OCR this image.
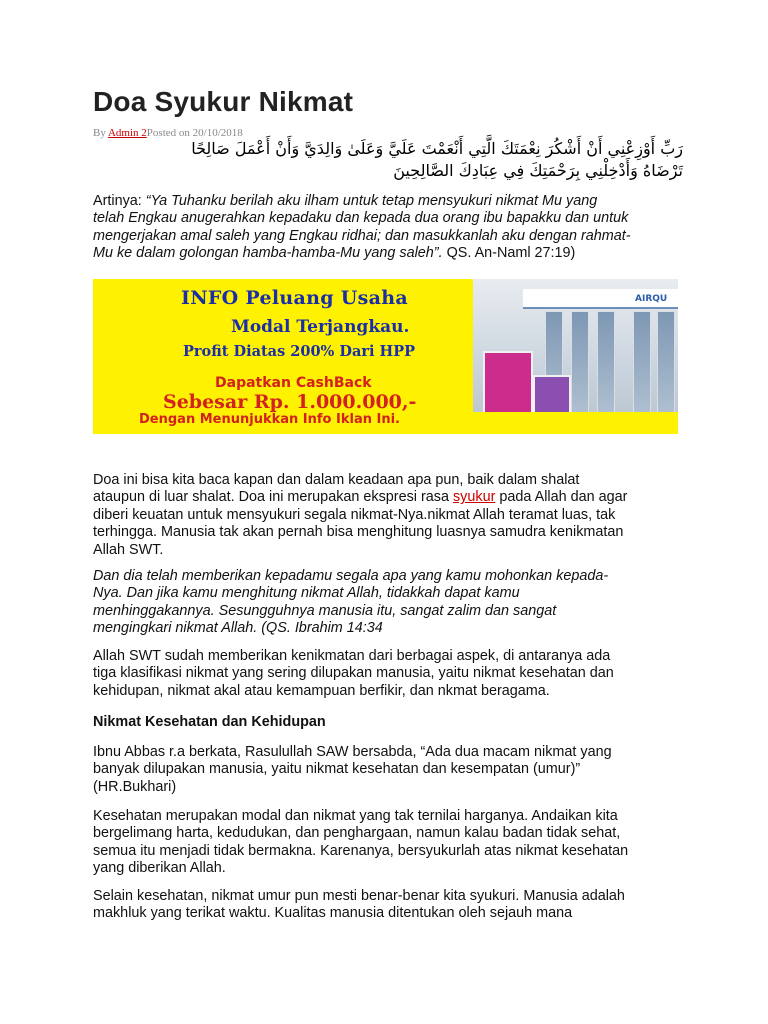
Doa Syukur Nikmat
By Admin 2Posted on 20/10/2018
رَبِّ أَوْزِعْنِي أَنْ أَشْكُرَ نِعْمَتَكَ الَّتِي أَنْعَمْتَ عَلَيَّ وَعَلَىٰ وَالِدَيَّ وَأَنْ أَعْمَلَ صَالِحًا تَرْضَاهُ وَأَدْخِلْنِي بِرَحْمَتِكَ فِي عِبَادِكَ الصَّالِحِينَ
Artinya: “Ya Tuhanku berilah aku ilham untuk tetap mensyukuri nikmat Mu yang
telah Engkau anugerahkan kepadaku dan kepada dua orang ibu bapakku dan untuk
mengerjakan amal saleh yang Engkau ridhai; dan masukkanlah aku dengan rahmat-
Mu ke dalam golongan hamba-hamba-Mu yang saleh”. QS. An-Naml 27:19)
INFO Peluang Usaha
Modal Terjangkau.
Profit Diatas 200% Dari HPP
Dapatkan CashBack
Sebesar Rp. 1.000.000,-
Dengan Menunjukkan Info Iklan Ini.
AIRQU
Doa ini bisa kita baca kapan dan dalam keadaan apa pun, baik dalam shalat
ataupun di luar shalat. Doa ini merupakan ekspresi rasa syukur pada Allah dan agar
diberi keuatan untuk mensyukuri segala nikmat-Nya.nikmat Allah teramat luas, tak
terhingga. Manusia tak akan pernah bisa menghitung luasnya samudra kenikmatan
Allah SWT.
Dan dia telah memberikan kepadamu segala apa yang kamu mohonkan kepada-
Nya. Dan jika kamu menghitung nikmat Allah, tidakkah dapat kamu
menhinggakannya. Sesungguhnya manusia itu, sangat zalim dan sangat
mengingkari nikmat Allah. (QS. Ibrahim 14:34
Allah SWT sudah memberikan kenikmatan dari berbagai aspek, di antaranya ada
tiga klasifikasi nikmat yang sering dilupakan manusia, yaitu nikmat kesehatan dan
kehidupan, nikmat akal atau kemampuan berfikir, dan nkmat beragama.
Nikmat Kesehatan dan Kehidupan
Ibnu Abbas r.a berkata, Rasulullah SAW bersabda, “Ada dua macam nikmat yang
banyak dilupakan manusia, yaitu nikmat kesehatan dan kesempatan (umur)”
(HR.Bukhari)
Kesehatan merupakan modal dan nikmat yang tak ternilai harganya. Andaikan kita
bergelimang harta, kedudukan, dan penghargaan, namun kalau badan tidak sehat,
semua itu menjadi tidak bermakna. Karenanya, bersyukurlah atas nikmat kesehatan
yang diberikan Allah.
Selain kesehatan, nikmat umur pun mesti benar-benar kita syukuri. Manusia adalah
makhluk yang terikat waktu. Kualitas manusia ditentukan oleh sejauh mana
